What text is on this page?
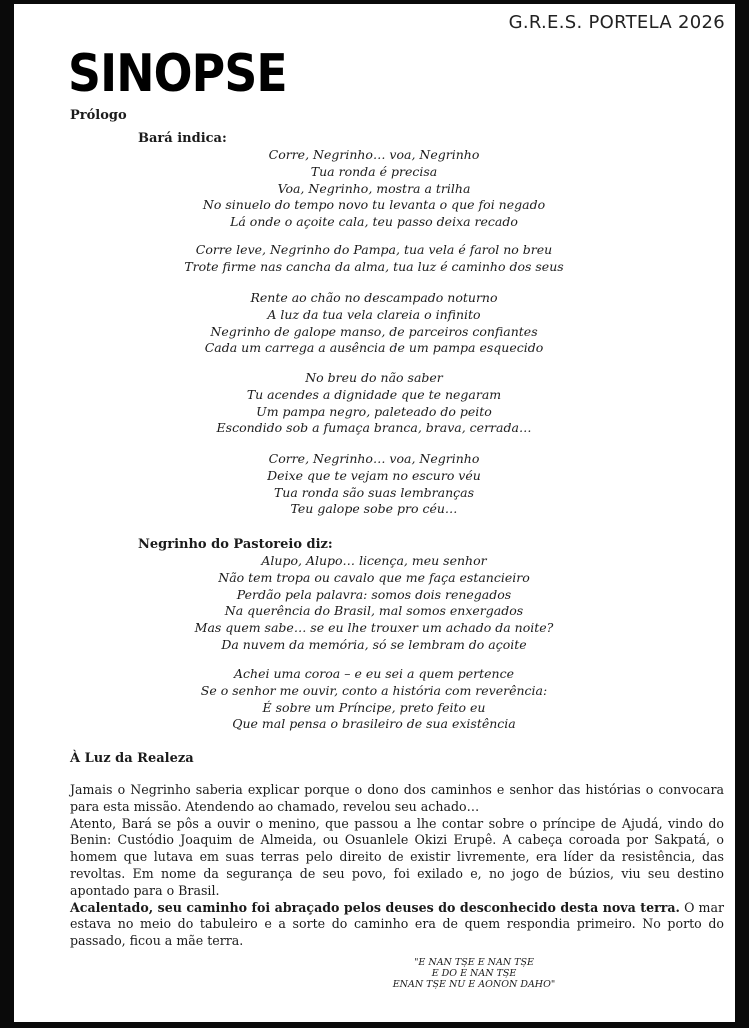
G.R.E.S. PORTELA 2026
SINOPSE
Prólogo
Bará indica:
Corre, Negrinho… voa, Negrinho
Tua ronda é precisa
Voa, Negrinho, mostra a trilha
No sinuelo do tempo novo tu levanta o que foi negado
Lá onde o açoite cala, teu passo deixa recado
Corre leve, Negrinho do Pampa, tua vela é farol no breu
Trote firme nas cancha da alma, tua luz é caminho dos seus
Rente ao chão no descampado noturno
A luz da tua vela clareia o infinito
Negrinho de galope manso, de parceiros confiantes
Cada um carrega a ausência de um pampa esquecido
No breu do não saber
Tu acendes a dignidade que te negaram
Um pampa negro, paleteado do peito
Escondido sob a fumaça branca, brava, cerrada…
Corre, Negrinho… voa, Negrinho
Deixe que te vejam no escuro véu
Tua ronda são suas lembranças
Teu galope sobe pro céu…
Negrinho do Pastoreio diz:
Alupo, Alupo… licença, meu senhor
Não tem tropa ou cavalo que me faça estancieiro
Perdão pela palavra: somos dois renegados
Na querência do Brasil, mal somos enxergados
Mas quem sabe… se eu lhe trouxer um achado da noite?
Da nuvem da memória, só se lembram do açoite
Achei uma coroa – e eu sei a quem pertence
Se o senhor me ouvir, conto a história com reverência:
É sobre um Príncipe, preto feito eu
Que mal pensa o brasileiro de sua existência
À Luz da Realeza

Jamais o Negrinho saberia explicar porque o dono dos caminhos e senhor das histórias o convocara para esta missão. Atendendo ao chamado, revelou seu achado…

Atento, Bará se pôs a ouvir o menino, que passou a lhe contar sobre o príncipe de Ajudá, vindo do Benin: Custódio Joaquim de Almeida, ou Osuanlele Okizi Erupê. A cabeça coroada por Sakpatá, o homem que lutava em suas terras pelo direito de existir livremente, era líder da resistência, das revoltas. Em nome da segurança de seu povo, foi exilado e, no jogo de búzios, viu seu destino apontado para o Brasil.

Acalentado, seu caminho foi abraçado pelos deuses do desconhecido desta nova terra. O mar estava no meio do tabuleiro e a sorte do caminho era de quem respondia primeiro. No porto do passado, ficou a mãe terra.

"E NAN TȘE E NAN TȘE
E DO E NAN TȘE
ENAN TȘE NU E AONON DAHO"
